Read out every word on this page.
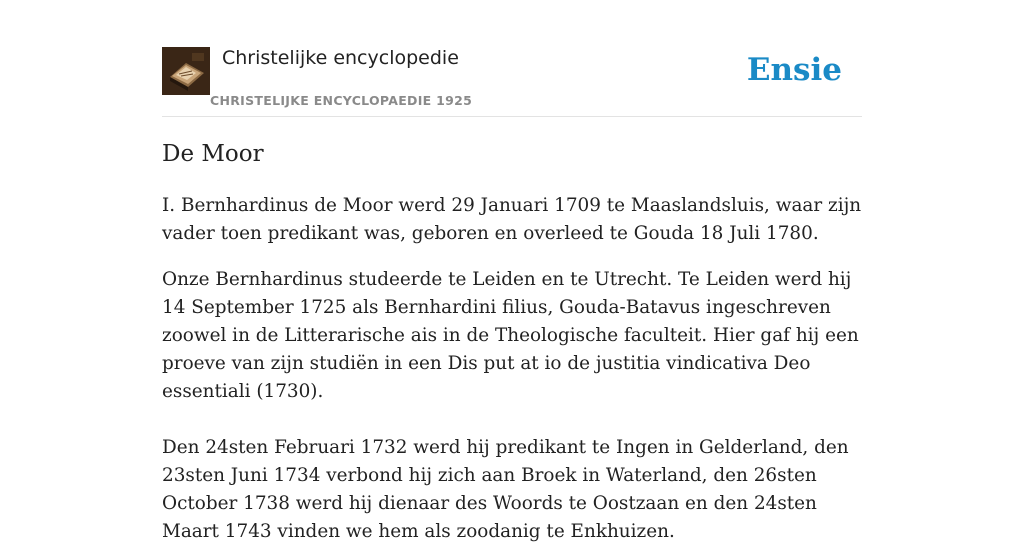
Christelijke encyclopedie
CHRISTELIJKE ENCYCLOPAEDIE 1925
Ensie
De Moor

I. Bernhardinus de Moor werd 29 Januari 1709 te Maaslandsluis, waar zijn vader toen predikant was, geboren en overleed te Gouda 18 Juli 1780.

Onze Bernhardinus studeerde te Leiden en te Utrecht. Te Leiden werd hij 14 September 1725 als Bernhardini filius, Gouda-Batavus ingeschreven zoowel in de Litterarische ais in de Theologische faculteit. Hier gaf hij een proeve van zijn studiën in een Dis put at io de justitia vindicativa Deo essentiali (1730).

Den 24sten Februari 1732 werd hij predikant te Ingen in Gelderland, den 23sten Juni 1734 verbond hij zich aan Broek in Waterland, den 26sten October 1738 werd hij dienaar des Woords te Oostzaan en den 24sten Maart 1743 vinden we hem als zoodanig te Enkhuizen.
